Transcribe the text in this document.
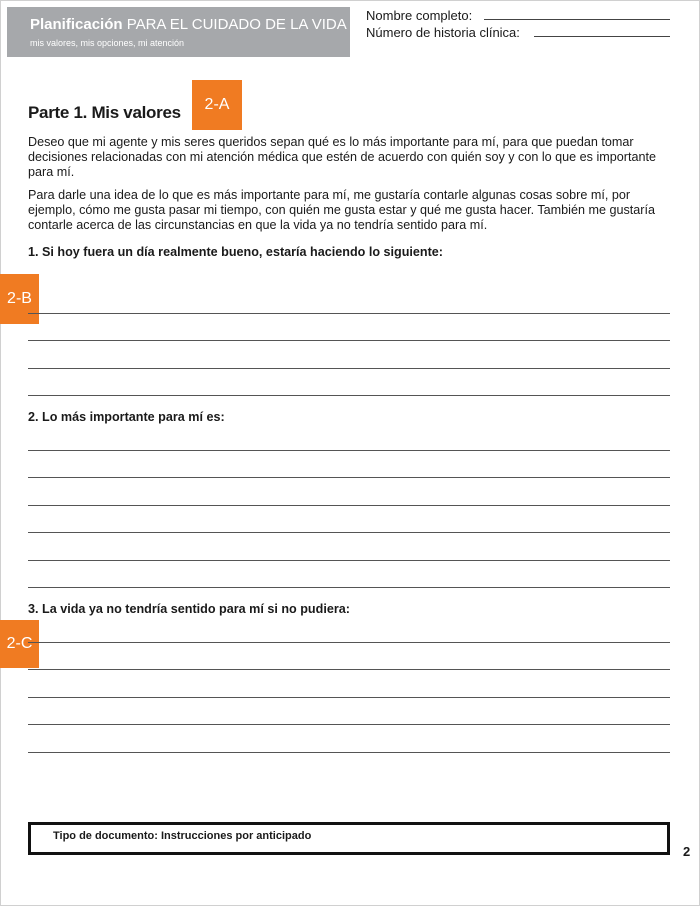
Planificación PARA EL CUIDADO DE LA VIDA
mis valores, mis opciones, mi atención
Nombre completo:
Número de historia clínica:
Parte 1. Mis valores	2-A

Deseo que mi agente y mis seres queridos sepan qué es lo más importante para mí, para que puedan tomar decisiones relacionadas con mi atención médica que estén de acuerdo con quién soy y con lo que es importante para mí.

Para darle una idea de lo que es más importante para mí, me gustaría contarle algunas cosas sobre mí, por ejemplo, cómo me gusta pasar mi tiempo, con quién me gusta estar y qué me gusta hacer. También me gustaría contarle acerca de las circunstancias en que la vida ya no tendría sentido para mí.

1. Si hoy fuera un día realmente bueno, estaría haciendo lo siguiente:
2-B
2. Lo más importante para mí es:
3. La vida ya no tendría sentido para mí si no pudiera:
2-C
Tipo de documento: Instrucciones por anticipado
2
